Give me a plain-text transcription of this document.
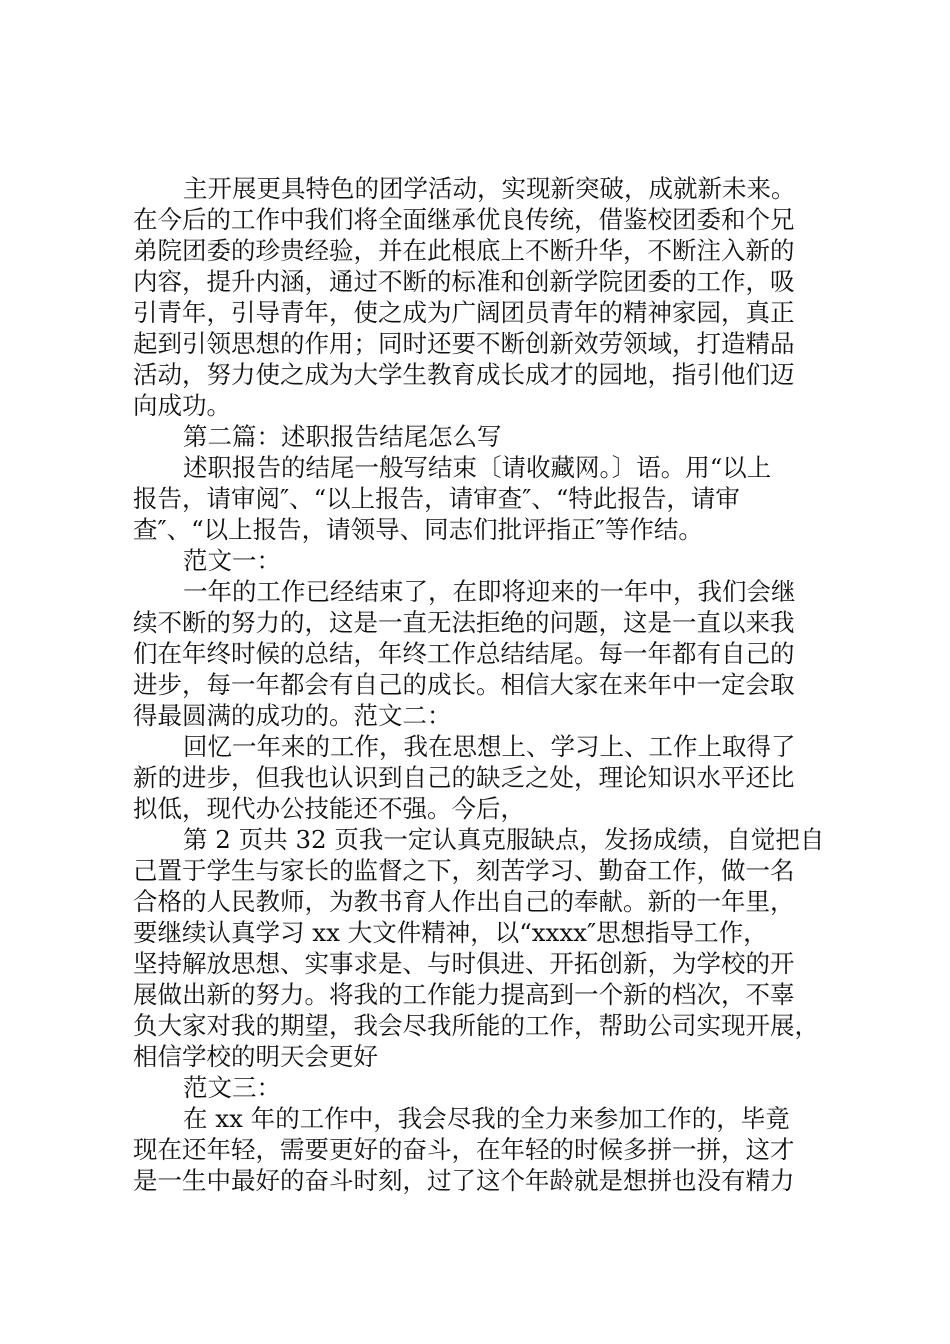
主开展更具特色的团学活动，实现新突破，成就新未来。
在今后的工作中我们将全面继承优良传统，借鉴校团委和个兄
弟院团委的珍贵经验，并在此根底上不断升华，不断注入新的
内容，提升内涵，通过不断的标准和创新学院团委的工作，吸
引青年，引导青年，使之成为广阔团员青年的精神家园，真正
起到引领思想的作用；同时还要不断创新效劳领域，打造精品
活动，努力使之成为大学生教育成长成才的园地，指引他们迈
向成功。
第二篇：述职报告结尾怎么写
述职报告的结尾一般写结束〔请收藏网。〕语。用“以上
报告，请审阅″、“以上报告，请审查″、“特此报告，请审
查″、“以上报告，请领导、同志们批评指正″等作结。
范文一：
一年的工作已经结束了，在即将迎来的一年中，我们会继
续不断的努力的，这是一直无法拒绝的问题，这是一直以来我
们在年终时候的总结，年终工作总结结尾。每一年都有自己的
进步，每一年都会有自己的成长。相信大家在来年中一定会取
得最圆满的成功的。范文二：
回忆一年来的工作，我在思想上、学习上、工作上取得了
新的进步，但我也认识到自己的缺乏之处，理论知识水平还比
拟低，现代办公技能还不强。今后，
第 2 页共 32 页我一定认真克服缺点，发扬成绩，自觉把自
己置于学生与家长的监督之下，刻苦学习、勤奋工作，做一名
合格的人民教师，为教书育人作出自己的奉献。新的一年里，
要继续认真学习 xx 大文件精神，以“xxxx″思想指导工作，
坚持解放思想、实事求是、与时俱进、开拓创新，为学校的开
展做出新的努力。将我的工作能力提高到一个新的档次，不辜
负大家对我的期望，我会尽我所能的工作，帮助公司实现开展，
相信学校的明天会更好
范文三：
在 xx 年的工作中，我会尽我的全力来参加工作的，毕竟
现在还年轻，需要更好的奋斗，在年轻的时候多拼一拼，这才
是一生中最好的奋斗时刻，过了这个年龄就是想拼也没有精力
